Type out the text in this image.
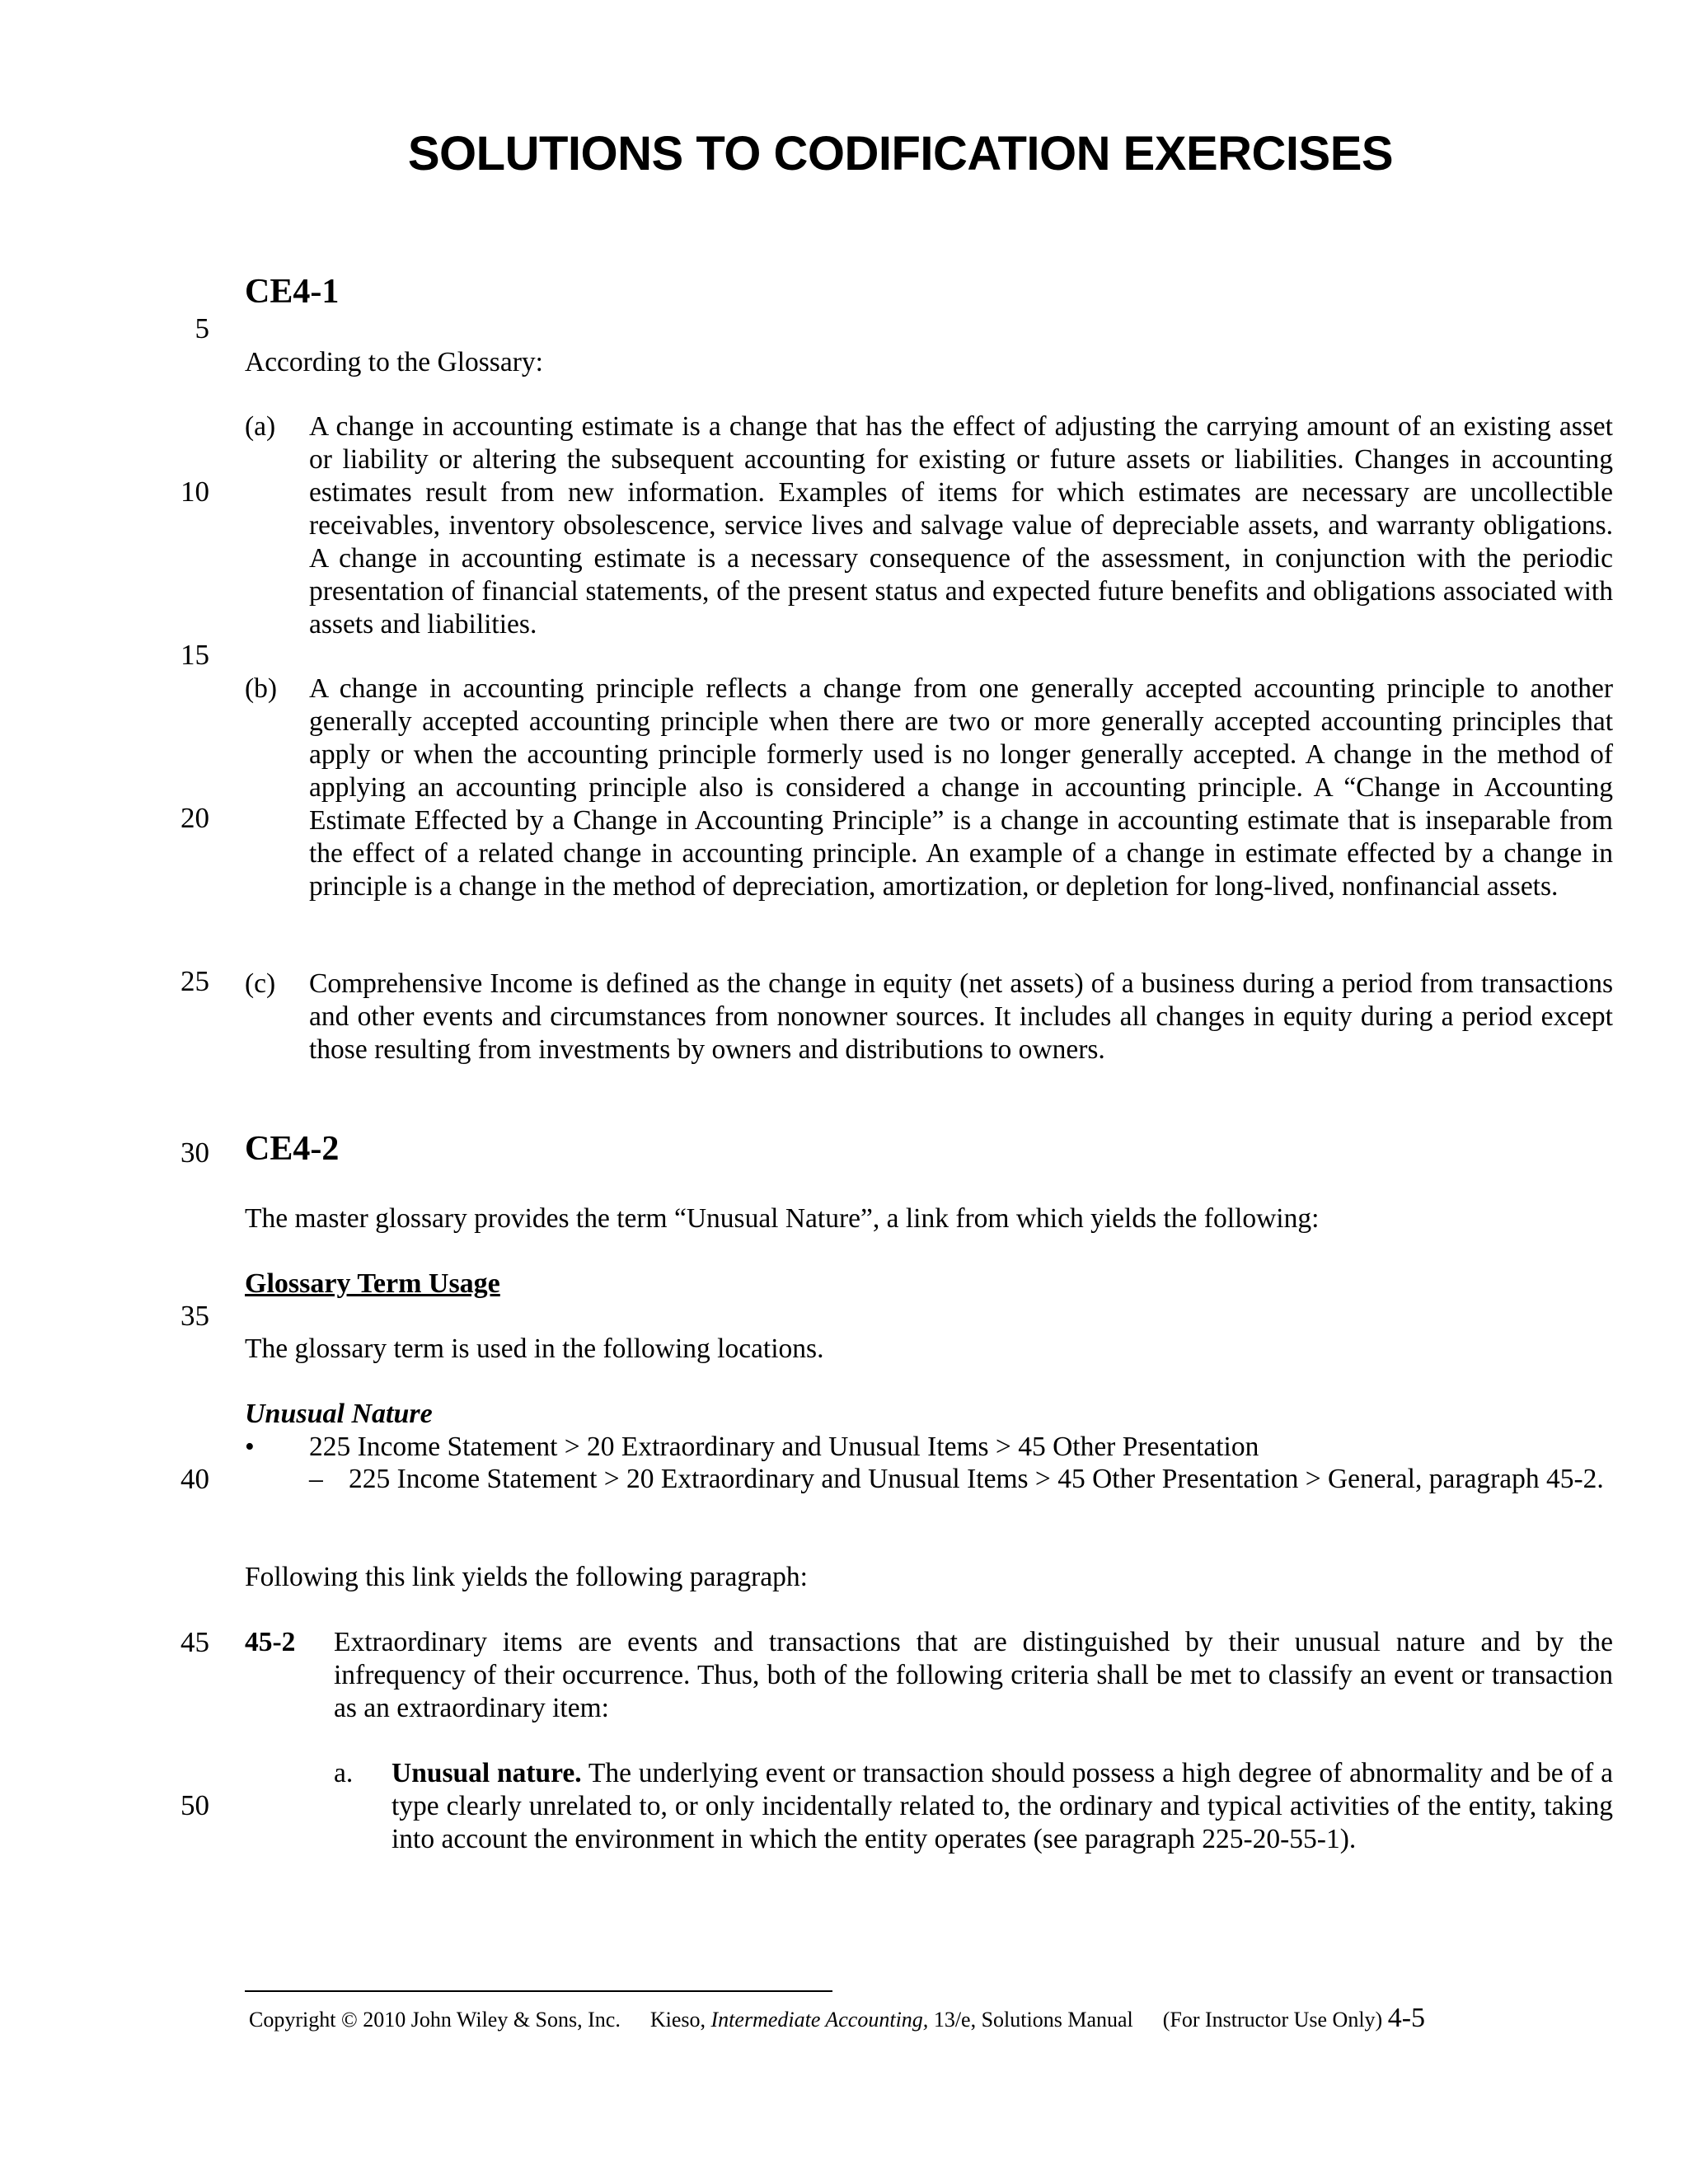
SOLUTIONS TO CODIFICATION EXERCISES
5
10
15
20
25
30
35
40
45
50
CE4-1

According to the Glossary:

(a) A change in accounting estimate is a change that has the effect of adjusting the carrying amount of an existing asset or liability or altering the subsequent accounting for existing or future assets or liabilities. Changes in accounting estimates result from new information. Examples of items for which estimates are necessary are uncollectible receivables, inventory obsolescence, service lives and salvage value of depreciable assets, and warranty obligations. A change in accounting estimate is a necessary consequence of the assessment, in conjunction with the periodic presentation of financial statements, of the present status and expected future benefits and obligations associated with assets and liabilities.
(b) A change in accounting principle reflects a change from one generally accepted accounting principle to another generally accepted accounting principle when there are two or more generally accepted accounting principles that apply or when the accounting principle formerly used is no longer generally accepted. A change in the method of applying an accounting principle also is considered a change in accounting principle. A “Change in Accounting Estimate Effected by a Change in Accounting Principle” is a change in accounting estimate that is inseparable from the effect of a related change in accounting principle. An example of a change in estimate effected by a change in principle is a change in the method of depreciation, amortization, or depletion for long-lived, nonfinancial assets.
(c) Comprehensive Income is defined as the change in equity (net assets) of a business during a period from transactions and other events and circumstances from nonowner sources. It includes all changes in equity during a period except those resulting from investments by owners and distributions to owners.
CE4-2

The master glossary provides the term “Unusual Nature”, a link from which yields the following:

Glossary Term Usage

The glossary term is used in the following locations.

Unusual Nature
• 225 Income Statement > 20 Extraordinary and Unusual Items > 45 Other Presentation
– 225 Income Statement > 20 Extraordinary and Unusual Items > 45 Other Presentation > General, paragraph 45-2.

Following this link yields the following paragraph:

45-2 Extraordinary items are events and transactions that are distinguished by their unusual nature and by the infrequency of their occurrence. Thus, both of the following criteria shall be met to classify an event or transaction as an extraordinary item:
a. Unusual nature. The underlying event or transaction should possess a high degree of abnormality and be of a type clearly unrelated to, or only incidentally related to, the ordinary and typical activities of the entity, taking into account the environment in which the entity operates (see paragraph 225-20-55-1).
Copyright © 2010 John Wiley & Sons, Inc. Kieso, Intermediate Accounting, 13/e, Solutions Manual (For Instructor Use Only) 4-5
